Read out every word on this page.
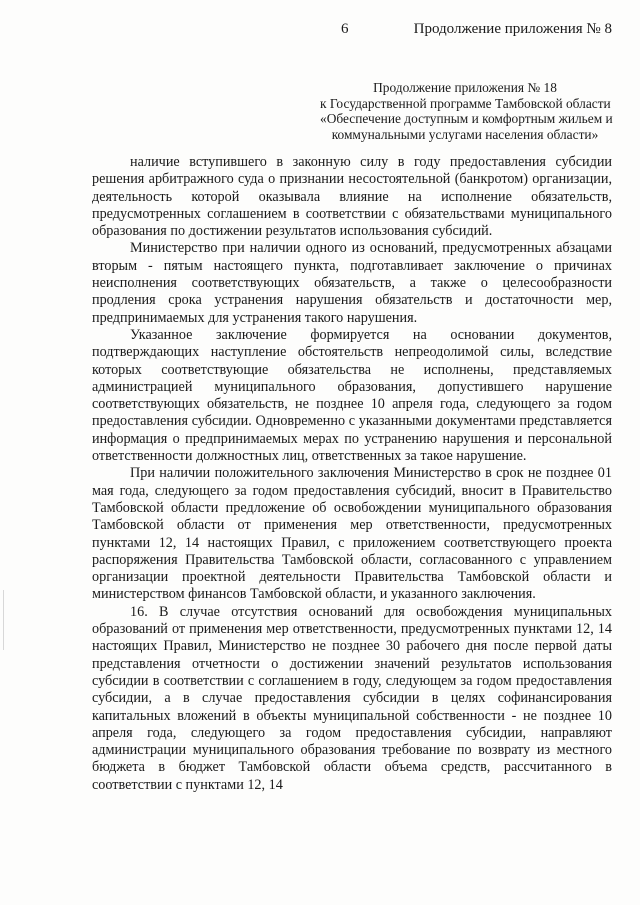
6	Продолжение приложения № 8
Продолжение приложения № 18
к Государственной программе Тамбовской области
«Обеспечение доступным и комфортным жильем и
коммунальными услугами населения области»

наличие вступившего в законную силу в году предоставления субсидии решения арбитражного суда о признании несостоятельной (банкротом) организации, деятельность которой оказывала влияние на исполнение обязательств, предусмотренных соглашением в соответствии с обязательствами муниципального образования по достижении результатов использования субсидий.

Министерство при наличии одного из оснований, предусмотренных абзацами вторым - пятым настоящего пункта, подготавливает заключение о причинах неисполнения соответствующих обязательств, а также о целесообразности продления срока устранения нарушения обязательств и достаточности мер, предпринимаемых для устранения такого нарушения.

Указанное заключение формируется на основании документов, подтверждающих наступление обстоятельств непреодолимой силы, вследствие которых соответствующие обязательства не исполнены, представляемых администрацией муниципального образования, допустившего нарушение соответствующих обязательств, не позднее 10 апреля года, следующего за годом предоставления субсидии. Одновременно с указанными документами представляется информация о предпринимаемых мерах по устранению нарушения и персональной ответственности должностных лиц, ответственных за такое нарушение.

При наличии положительного заключения Министерство в срок не позднее 01 мая года, следующего за годом предоставления субсидий, вносит в Правительство Тамбовской области предложение об освобождении муниципального образования Тамбовской области от применения мер ответственности, предусмотренных пунктами 12, 14 настоящих Правил, с приложением соответствующего проекта распоряжения Правительства Тамбовской области, согласованного с управлением организации проектной деятельности Правительства Тамбовской области и министерством финансов Тамбовской области, и указанного заключения.

16. В случае отсутствия оснований для освобождения муниципальных образований от применения мер ответственности, предусмотренных пунктами 12, 14 настоящих Правил, Министерство не позднее 30 рабочего дня после первой даты представления отчетности о достижении значений результатов использования субсидии в соответствии с соглашением в году, следующем за годом предоставления субсидии, а в случае предоставления субсидии в целях софинансирования капитальных вложений в объекты муниципальной собственности - не позднее 10 апреля года, следующего за годом предоставления субсидии, направляют администрации муниципального образования требование по возврату из местного бюджета в бюджет Тамбовской области объема средств, рассчитанного в соответствии с пунктами 12, 14
